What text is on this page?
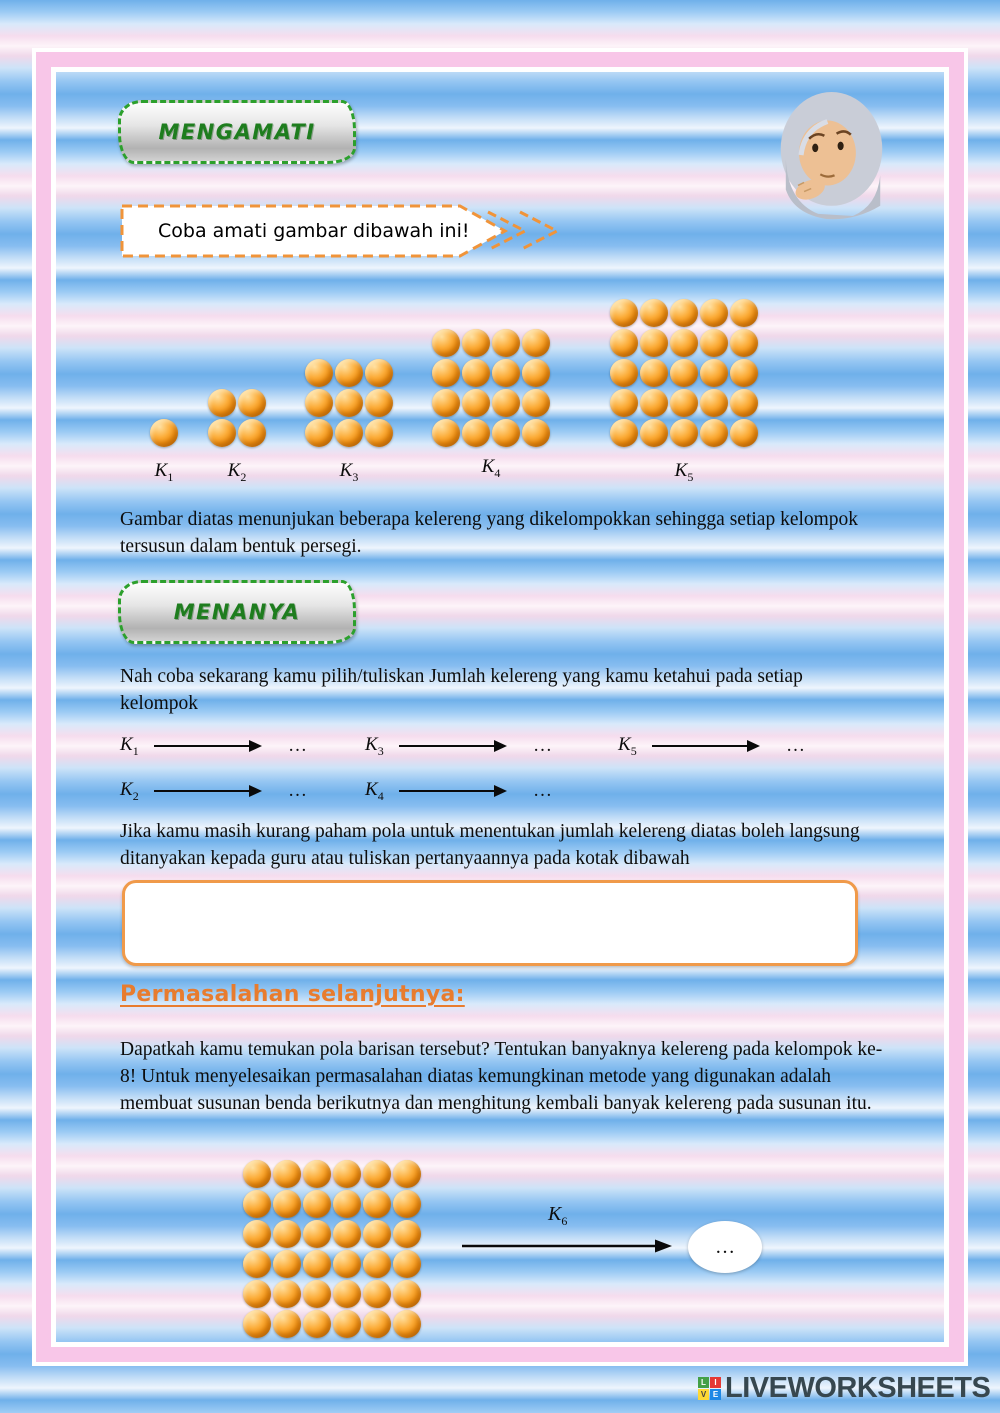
MENGAMATI
Coba amati gambar dibawah ini!
$K_1$	$K_2$	$K_3$	$K_4$	$K_5$

Gambar diatas menunjukan beberapa kelereng yang dikelompokkan sehingga setiap kelompok tersusun dalam bentuk persegi.

MENANYA

Nah coba sekarang kamu pilih/tuliskan Jumlah kelereng yang kamu ketahui pada setiap kelompok

$K_1$	…	$K_3$	…	$K_5$	…
$K_2$	…	$K_4$	…

Jika kamu masih kurang paham pola untuk menentukan jumlah kelereng diatas boleh langsung ditanyakan kepada guru atau tuliskan pertanyaannya pada kotak dibawah

Permasalahan selanjutnya:

Dapatkah kamu temukan pola barisan tersebut? Tentukan banyaknya kelereng pada kelompok ke-8! Untuk menyelesaikan permasalahan diatas kemungkinan metode yang digunakan adalah membuat susunan benda berikutnya dan menghitung kembali banyak kelereng pada susunan itu.

$K_6$
…
L	I
V E LIVEWORKSHEETS
